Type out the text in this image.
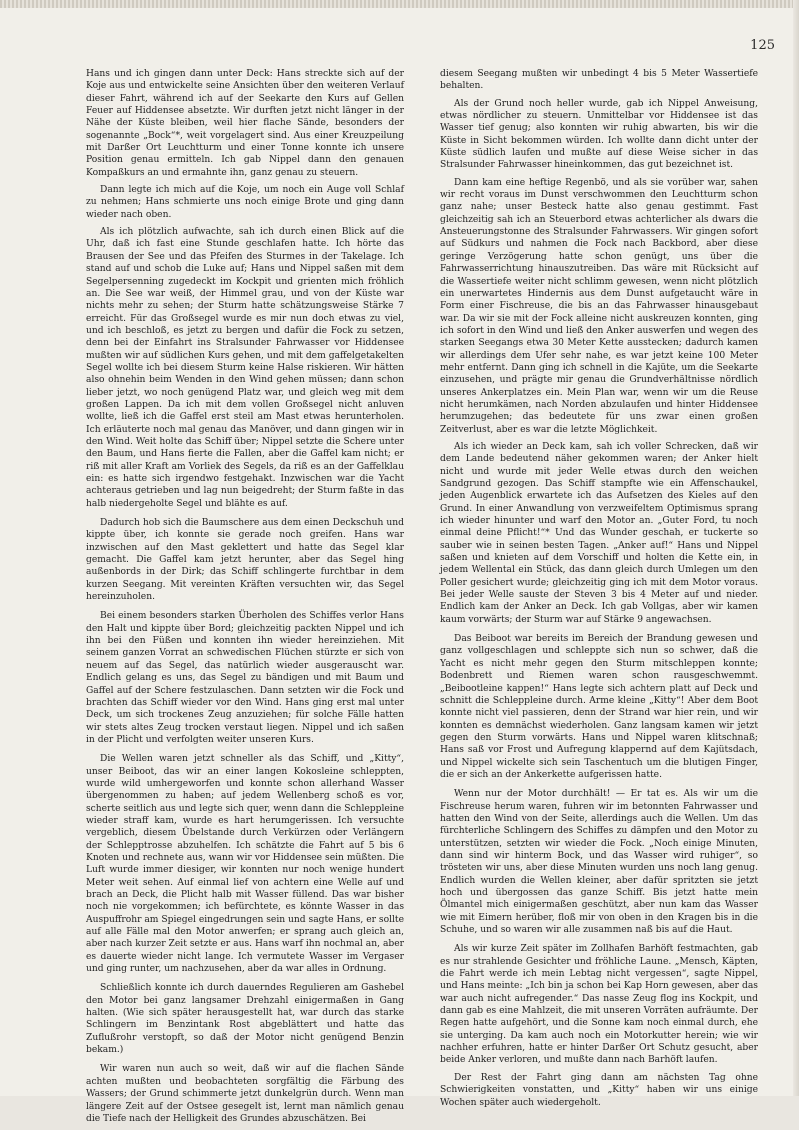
125

Hans und ich gingen dann unter Deck: Hans streckte sich auf der Koje aus und entwickelte seine Ansichten über den weiteren Verlauf dieser Fahrt, während ich auf der Seekarte den Kurs auf Gellen Feuer auf Hiddensee absetzte. Wir durften jetzt nicht länger in der Nähe der Küste bleiben, weil hier flache Sände, besonders der sogenannte „Bock“*, weit vorgelagert sind. Aus einer Kreuzpeilung mit Darßer Ort Leuchtturm und einer Tonne konnte ich unsere Position genau ermitteln. Ich gab Nippel dann den genauen Kompaßkurs an und ermahnte ihn, ganz genau zu steuern.

Dann legte ich mich auf die Koje, um noch ein Auge voll Schlaf zu nehmen; Hans schmierte uns noch einige Brote und ging dann wieder nach oben.

Als ich plötzlich aufwachte, sah ich durch einen Blick auf die Uhr, daß ich fast eine Stunde geschlafen hatte. Ich hörte das Brausen der See und das Pfeifen des Sturmes in der Takelage. Ich stand auf und schob die Luke auf; Hans und Nippel saßen mit dem Segelpersenning zugedeckt im Kockpit und grienten mich fröhlich an. Die See war weiß, der Himmel grau, und von der Küste war nichts mehr zu sehen; der Sturm hatte schätzungsweise Stärke 7 erreicht. Für das Großsegel wurde es mir nun doch etwas zu viel, und ich beschloß, es jetzt zu bergen und dafür die Fock zu setzen, denn bei der Einfahrt ins Stralsunder Fahrwasser vor Hiddensee mußten wir auf südlichen Kurs gehen, und mit dem gaffelgetakelten Segel wollte ich bei diesem Sturm keine Halse riskieren. Wir hätten also ohnehin beim Wenden in den Wind gehen müssen; dann schon lieber jetzt, wo noch genügend Platz war, und gleich weg mit dem großen Lappen. Da ich mit dem vollen Großsegel nicht anluven wollte, ließ ich die Gaffel erst steil am Mast etwas herunterholen. Ich erläuterte noch mal genau das Manöver, und dann gingen wir in den Wind. Weit holte das Schiff über; Nippel setzte die Schere unter den Baum, und Hans fierte die Fallen, aber die Gaffel kam nicht; er riß mit aller Kraft am Vorliek des Segels, da riß es an der Gaffelklau ein: es hatte sich irgendwo festgehakt. Inzwischen war die Yacht achteraus getrieben und lag nun beigedreht; der Sturm faßte in das halb niedergeholte Segel und blähte es auf.

Dadurch hob sich die Baumschere aus dem einen Deckschuh und kippte über, ich konnte sie gerade noch greifen. Hans war inzwischen auf den Mast geklettert und hatte das Segel klar gemacht. Die Gaffel kam jetzt herunter, aber das Segel hing außenbords in der Dirk; das Schiff schlingerte furchtbar in dem kurzen Seegang. Mit vereinten Kräften versuchten wir, das Segel hereinzuholen.

Bei einem besonders starken Überholen des Schiffes verlor Hans den Halt und kippte über Bord; gleichzeitig packten Nippel und ich ihn bei den Füßen und konnten ihn wieder hereinziehen. Mit seinem ganzen Vorrat an schwedischen Flüchen stürzte er sich von neuem auf das Segel, das natürlich wieder ausgerauscht war. Endlich gelang es uns, das Segel zu bändigen und mit Baum und Gaffel auf der Schere festzulaschen. Dann setzten wir die Fock und brachten das Schiff wieder vor den Wind. Hans ging erst mal unter Deck, um sich trockenes Zeug anzuziehen; für solche Fälle hatten wir stets altes Zeug trocken verstaut liegen. Nippel und ich saßen in der Plicht und verfolgten weiter unseren Kurs.

Die Wellen waren jetzt schneller als das Schiff, und „Kitty“, unser Beiboot, das wir an einer langen Kokosleine schleppten, wurde wild umhergeworfen und konnte schon allerhand Wasser übergenommen zu haben; auf jedem Wellenberg schoß es vor, scherte seitlich aus und legte sich quer, wenn dann die Schleppleine wieder straff kam, wurde es hart herumgerissen. Ich versuchte vergeblich, diesem Übelstande durch Verkürzen oder Verlängern der Schlepptrosse abzuhelfen. Ich schätzte die Fahrt auf 5 bis 6 Knoten und rechnete aus, wann wir vor Hiddensee sein müßten. Die Luft wurde immer diesiger, wir konnten nur noch wenige hundert Meter weit sehen. Auf einmal lief von achtern eine Welle auf und brach an Deck, die Plicht halb mit Wasser füllend. Das war bisher noch nie vorgekommen; ich befürchtete, es könnte Wasser in das Auspuffrohr am Spiegel eingedrungen sein und sagte Hans, er sollte auf alle Fälle mal den Motor anwerfen; er sprang auch gleich an, aber nach kurzer Zeit setzte er aus. Hans warf ihn nochmal an, aber es dauerte wieder nicht lange. Ich vermutete Wasser im Vergaser und ging runter, um nachzusehen, aber da war alles in Ordnung.

Schließlich konnte ich durch dauerndes Regulieren am Gashebel den Motor bei ganz langsamer Drehzahl einigermaßen in Gang halten. (Wie sich später herausgestellt hat, war durch das starke Schlingern im Benzintank Rost abgeblättert und hatte das Zuflußrohr verstopft, so daß der Motor nicht genügend Benzin bekam.)

Wir waren nun auch so weit, daß wir auf die flachen Sände achten mußten und beobachteten sorgfältig die Färbung des Wassers; der Grund schimmerte jetzt dunkelgrün durch. Wenn man längere Zeit auf der Ostsee gesegelt ist, lernt man nämlich genau die Tiefe nach der Helligkeit des Grundes abzuschätzen. Bei

diesem Seegang mußten wir unbedingt 4 bis 5 Meter Wassertiefe behalten.

Als der Grund noch heller wurde, gab ich Nippel Anweisung, etwas nördlicher zu steuern. Unmittelbar vor Hiddensee ist das Wasser tief genug; also konnten wir ruhig abwarten, bis wir die Küste in Sicht bekommen würden. Ich wollte dann dicht unter der Küste südlich laufen und mußte auf diese Weise sicher in das Stralsunder Fahrwasser hineinkommen, das gut bezeichnet ist.

Dann kam eine heftige Regenbö, und als sie vorüber war, sahen wir recht voraus im Dunst verschwommen den Leuchtturm schon ganz nahe; unser Besteck hatte also genau gestimmt. Fast gleichzeitig sah ich an Steuerbord etwas achterlicher als dwars die Ansteuerungstonne des Stralsunder Fahrwassers. Wir gingen sofort auf Südkurs und nahmen die Fock nach Backbord, aber diese geringe Verzögerung hatte schon genügt, uns über die Fahrwasserrichtung hinauszutreiben. Das wäre mit Rücksicht auf die Wassertiefe weiter nicht schlimm gewesen, wenn nicht plötzlich ein unerwartetes Hindernis aus dem Dunst aufgetaucht wäre in Form einer Fischreuse, die bis an das Fahrwasser hinausgebaut war. Da wir sie mit der Fock alleine nicht auskreuzen konnten, ging ich sofort in den Wind und ließ den Anker auswerfen und wegen des starken Seegangs etwa 30 Meter Kette ausstecken; dadurch kamen wir allerdings dem Ufer sehr nahe, es war jetzt keine 100 Meter mehr entfernt. Dann ging ich schnell in die Kajüte, um die Seekarte einzusehen, und prägte mir genau die Grundverhältnisse nördlich unseres Ankerplatzes ein. Mein Plan war, wenn wir um die Reuse nicht herumkämen, nach Norden abzulaufen und hinter Hiddensee herumzugehen; das bedeutete für uns zwar einen großen Zeitverlust, aber es war die letzte Möglichkeit.

Als ich wieder an Deck kam, sah ich voller Schrecken, daß wir dem Lande bedeutend näher gekommen waren; der Anker hielt nicht und wurde mit jeder Welle etwas durch den weichen Sandgrund gezogen. Das Schiff stampfte wie ein Affenschaukel, jeden Augenblick erwartete ich das Aufsetzen des Kieles auf den Grund. In einer Anwandlung von verzweifeltem Optimismus sprang ich wieder hinunter und warf den Motor an. „Guter Ford, tu noch einmal deine Pflicht!“* Und das Wunder geschah, er tuckerte so sauber wie in seinen besten Tagen. „Anker auf!“ Hans und Nippel saßen und knieten auf dem Vorschiff und holten die Kette ein, in jedem Wellental ein Stück, das dann gleich durch Umlegen um den Poller gesichert wurde; gleichzeitig ging ich mit dem Motor voraus. Bei jeder Welle sauste der Steven 3 bis 4 Meter auf und nieder. Endlich kam der Anker an Deck. Ich gab Vollgas, aber wir kamen kaum vorwärts; der Sturm war auf Stärke 9 angewachsen.

Das Beiboot war bereits im Bereich der Brandung gewesen und ganz vollgeschlagen und schleppte sich nun so schwer, daß die Yacht es nicht mehr gegen den Sturm mitschleppen konnte; Bodenbrett und Riemen waren schon rausgeschwemmt. „Beibootleine kappen!“ Hans legte sich achtern platt auf Deck und schnitt die Schleppleine durch. Arme kleine „Kitty“! Aber dem Boot konnte nicht viel passieren, denn der Strand war hier rein, und wir konnten es demnächst wiederholen. Ganz langsam kamen wir jetzt gegen den Sturm vorwärts. Hans und Nippel waren klitschnaß; Hans saß vor Frost und Aufregung klappernd auf dem Kajütsdach, und Nippel wickelte sich sein Taschentuch um die blutigen Finger, die er sich an der Ankerkette aufgerissen hatte.

Wenn nur der Motor durchhält! — Er tat es. Als wir um die Fischreuse herum waren, fuhren wir im betonnten Fahrwasser und hatten den Wind von der Seite, allerdings auch die Wellen. Um das fürchterliche Schlingern des Schiffes zu dämpfen und den Motor zu unterstützen, setzten wir wieder die Fock. „Noch einige Minuten, dann sind wir hinterm Bock, und das Wasser wird ruhiger“, so trösteten wir uns, aber diese Minuten wurden uns noch lang genug. Endlich wurden die Wellen kleiner, aber dafür spritzten sie jetzt hoch und übergossen das ganze Schiff. Bis jetzt hatte mein Ölmantel mich einigermaßen geschützt, aber nun kam das Wasser wie mit Eimern herüber, floß mir von oben in den Kragen bis in die Schuhe, und so waren wir alle zusammen naß bis auf die Haut.

Als wir kurze Zeit später im Zollhafen Barhöft festmachten, gab es nur strahlende Gesichter und fröhliche Laune. „Mensch, Käpten, die Fahrt werde ich mein Lebtag nicht vergessen“, sagte Nippel, und Hans meinte: „Ich bin ja schon bei Kap Horn gewesen, aber das war auch nicht aufregender.“ Das nasse Zeug flog ins Kockpit, und dann gab es eine Mahlzeit, die mit unseren Vorräten aufräumte. Der Regen hatte aufgehört, und die Sonne kam noch einmal durch, ehe sie unterging. Da kam auch noch ein Motorkutter herein; wie wir nachher erfuhren, hatte er hinter Darßer Ort Schutz gesucht, aber beide Anker verloren, und mußte dann nach Barhöft laufen.

Der Rest der Fahrt ging dann am nächsten Tag ohne Schwierigkeiten vonstatten, und „Kitty“ haben wir uns einige Wochen später auch wiedergeholt.
